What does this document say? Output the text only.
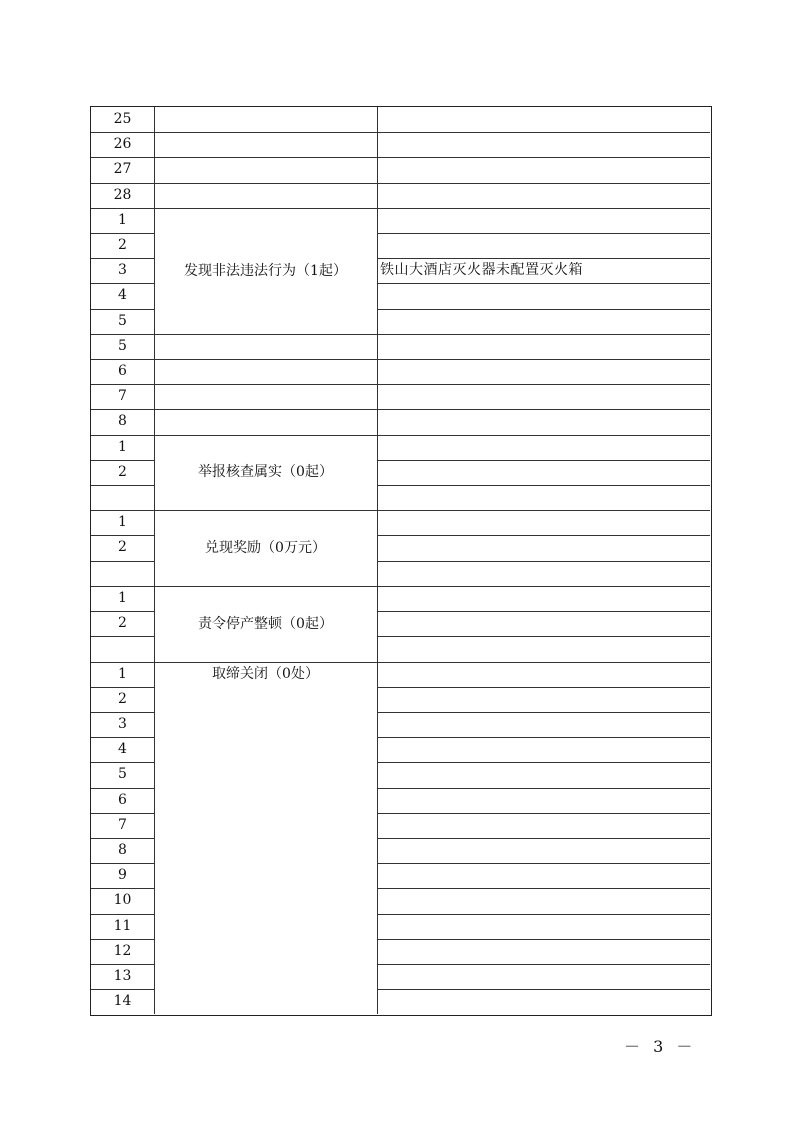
25
26
27
28
1
2
3	铁山大酒店灭火器未配置灭火箱
4
5
5
6
7
8
1
2
1
2
1
2
1
2
3
4
5
6
7
8
9
10
11
12
13
14
发现非法违法行为（1起）
举报核查属实（0起）
兑现奖励（0万元）
责令停产整顿（0起）
取缔关闭（0处）
－ 3 －
